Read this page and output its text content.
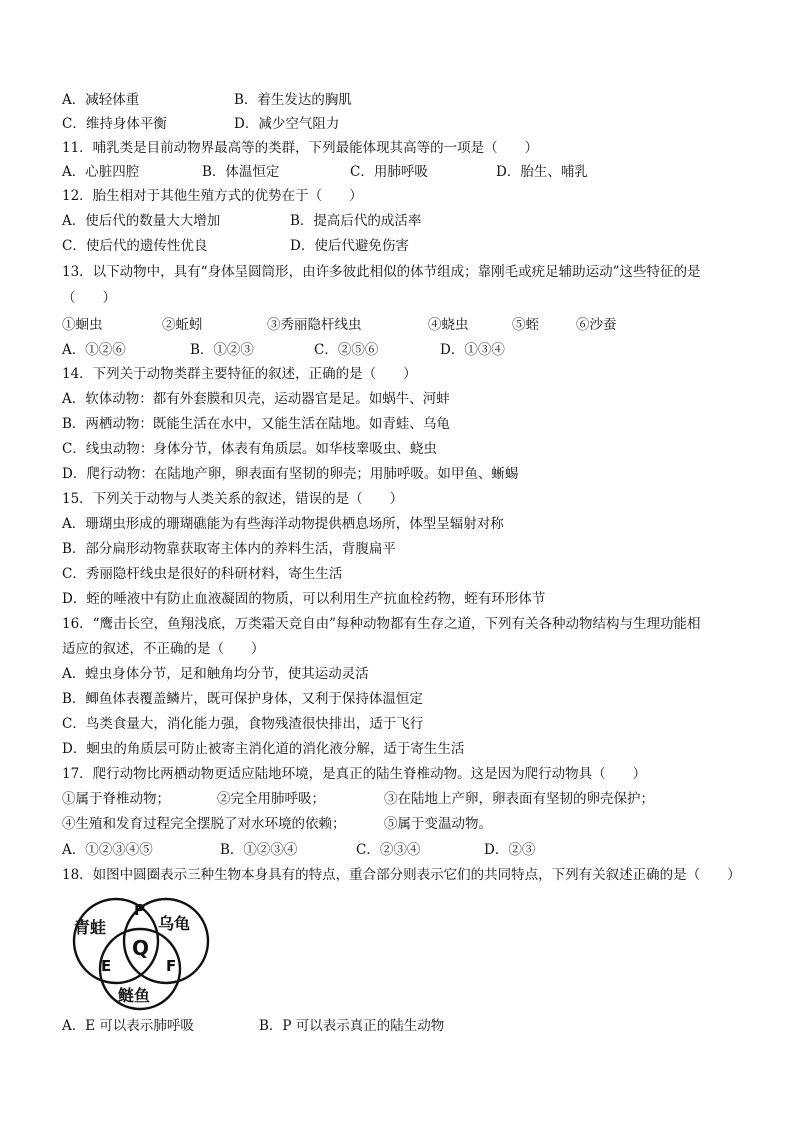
A．减轻体重	B．着生发达的胸肌
C．维持身体平衡	D．减少空气阻力
11．哺乳类是目前动物界最高等的类群，下列最能体现其高等的一项是（　　）
A．心脏四腔	B．体温恒定	C．用肺呼吸	D．胎生、哺乳
12．胎生相对于其他生殖方式的优势在于（　　）
A．使后代的数量大大增加	B．提高后代的成活率
C．使后代的遗传性优良	D．使后代避免伤害
13．以下动物中，具有“身体呈圆筒形，由许多彼此相似的体节组成；靠刚毛或疣足辅助运动”这些特征的是
（　　）
①蛔虫	②蚯蚓	③秀丽隐杆线虫	④蛲虫	⑤蛭	⑥沙蚕
A．①②⑥	B．①②③	C．②⑤⑥	D．①③④
14．下列关于动物类群主要特征的叙述，正确的是（　　）
A．软体动物：都有外套膜和贝壳，运动器官是足。如蜗牛、河蚌
B．两栖动物：既能生活在水中，又能生活在陆地。如青蛙、乌龟
C．线虫动物：身体分节，体表有角质层。如华枝睾吸虫、蛲虫
D．爬行动物：在陆地产卵，卵表面有坚韧的卵壳；用肺呼吸。如甲鱼、蜥蜴
15．下列关于动物与人类关系的叙述，错误的是（　　）
A．珊瑚虫形成的珊瑚礁能为有些海洋动物提供栖息场所，体型呈辐射对称
B．部分扁形动物靠获取寄主体内的养料生活，背腹扁平
C．秀丽隐杆线虫是很好的科研材料，寄生生活
D．蛭的唾液中有防止血液凝固的物质，可以利用生产抗血栓药物，蛭有环形体节
16．“鹰击长空，鱼翔浅底，万类霜天竞自由”每种动物都有生存之道，下列有关各种动物结构与生理功能相
适应的叙述，不正确的是（　　）
A．蝗虫身体分节，足和触角均分节，使其运动灵活
B．鲫鱼体表覆盖鳞片，既可保护身体，又利于保持体温恒定
C．鸟类食量大，消化能力强，食物残渣很快排出，适于飞行
D．蛔虫的角质层可防止被寄主消化道的消化液分解，适于寄生生活
17．爬行动物比两栖动物更适应陆地环境，是真正的陆生脊椎动物。这是因为爬行动物具（　　）
①属于脊椎动物；	②完全用肺呼吸；	③在陆地上产卵，卵表面有坚韧的卵壳保护；
④生殖和发育过程完全摆脱了对水环境的依赖；	⑤属于变温动物。
A．①②③④⑤	B．①②③④	C．②③④	D．②③
18．如图中圆圈表示三种生物本身具有的特点，重合部分则表示它们的共同特点，下列有关叙述正确的是（　　）
青蛙	乌龟
鲢鱼
P
Q
E	F
A．E 可以表示肺呼吸	B．P 可以表示真正的陆生动物
